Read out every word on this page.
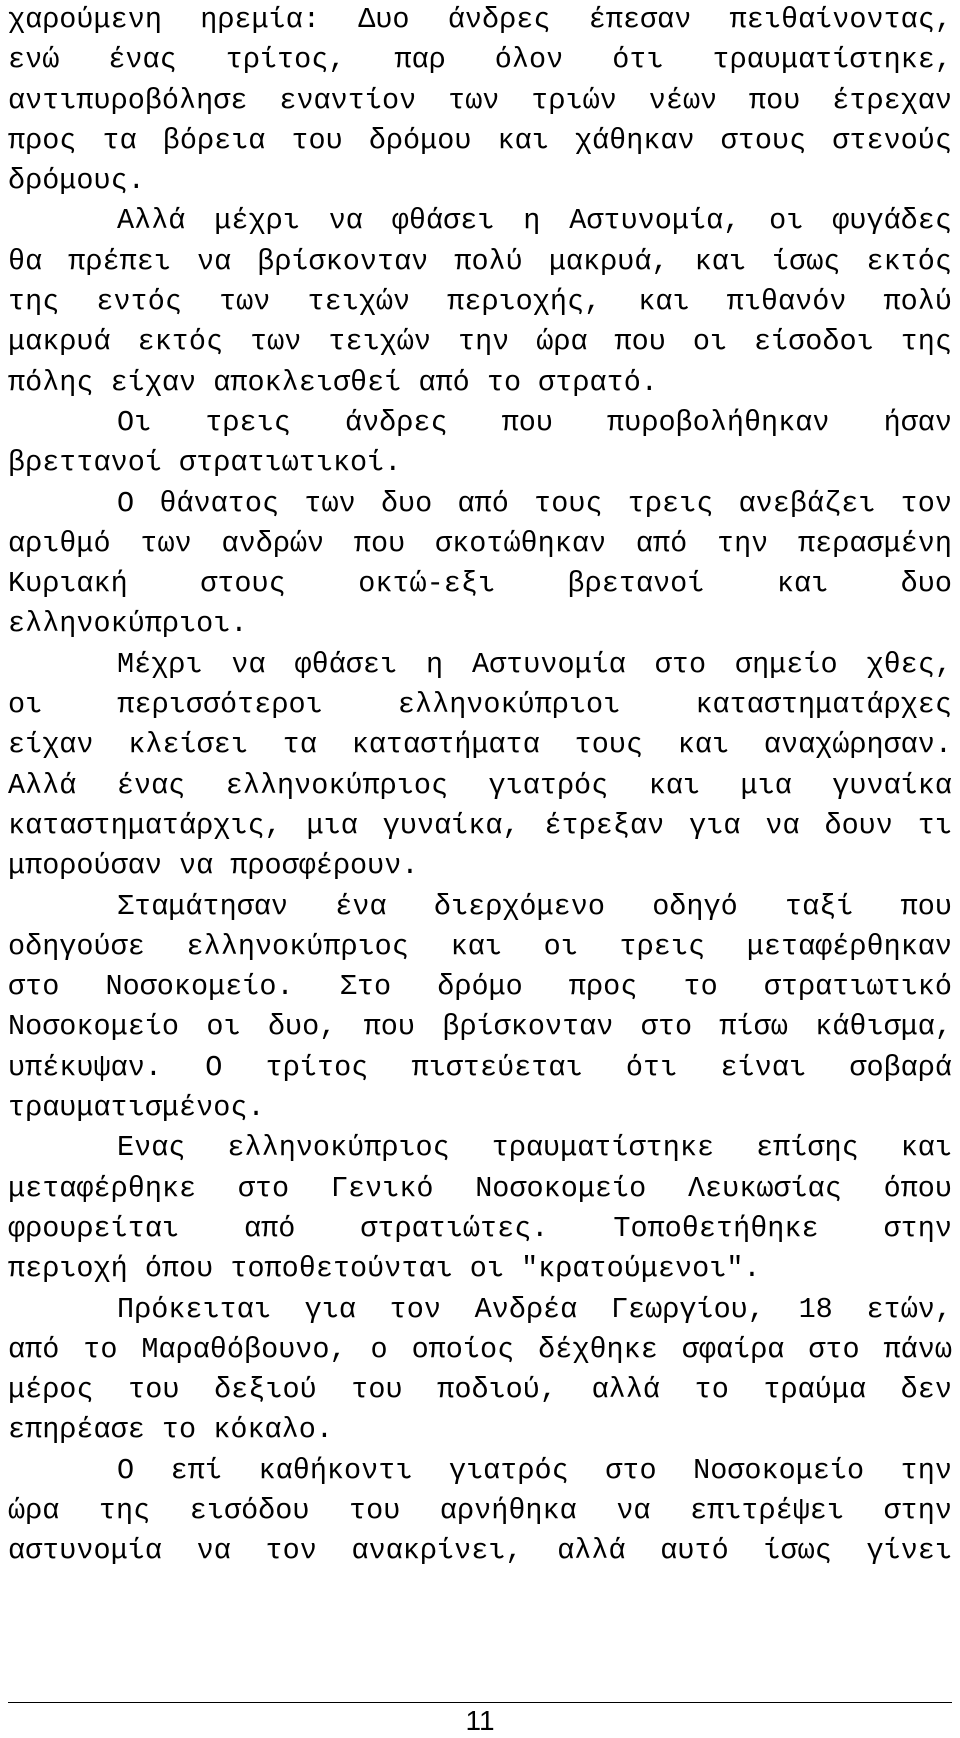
χαρούμενη ηρεμία: Δυο άνδρες έπεσαν πειθαίνοντας,
ενώ ένας τρίτος, παρ όλον ότι τραυματίστηκε,
αντιπυροβόλησε εναντίον των τριών νέων που έτρεχαν
προς τα βόρεια του δρόμου και χάθηκαν στους στενούς
δρόμους.
Αλλά μέχρι να φθάσει η Αστυνομία, οι φυγάδες
θα πρέπει να βρίσκονταν πολύ μακρυά, και ίσως εκτός
της εντός των τειχών περιοχής, και πιθανόν πολύ
μακρυά εκτός των τειχών την ώρα που οι είσοδοι της
πόλης είχαν αποκλεισθεί από το στρατό.
Οι τρεις άνδρες που πυροβολήθηκαν ήσαν
βρεττανοί στρατιωτικοί.
Ο θάνατος των δυο από τους τρεις ανεβάζει τον
αριθμό των ανδρών που σκοτώθηκαν από την περασμένη
Κυριακή στους οκτώ-εξι βρετανοί και δυο
ελληνοκύπριοι.
Μέχρι να φθάσει η Αστυνομία στο σημείο χθες,
οι περισσότεροι ελληνοκύπριοι καταστηματάρχες
είχαν κλείσει τα καταστήματα τους και αναχώρησαν.
Αλλά ένας ελληνοκύπριος γιατρός και μια γυναίκα
καταστηματάρχις, μια γυναίκα, έτρεξαν για να δουν τι
μπορούσαν να προσφέρουν.
Σταμάτησαν ένα διερχόμενο οδηγό ταξί που
οδηγούσε ελληνοκύπριος και οι τρεις μεταφέρθηκαν
στο Νοσοκομείο. Στο δρόμο προς το στρατιωτικό
Νοσοκομείο οι δυο, που βρίσκονταν στο πίσω κάθισμα,
υπέκυψαν. Ο τρίτος πιστεύεται ότι είναι σοβαρά
τραυματισμένος.
Ενας ελληνοκύπριος τραυματίστηκε επίσης και
μεταφέρθηκε στο Γενικό Νοσοκομείο Λευκωσίας όπου
φρουρείται από στρατιώτες. Τοποθετήθηκε στην
περιοχή όπου τοποθετούνται οι "κρατούμενοι".
Πρόκειται για τον Ανδρέα Γεωργίου, 18 ετών,
από το Μαραθόβουνο, ο οποίος δέχθηκε σφαίρα στο πάνω
μέρος του δεξιού του ποδιού, αλλά το τραύμα δεν
επηρέασε το κόκαλο.
Ο επί καθήκοντι γιατρός στο Νοσοκομείο την
ώρα της εισόδου του αρνήθηκα να επιτρέψει στην
αστυνομία να τον ανακρίνει, αλλά αυτό ίσως γίνει
11
